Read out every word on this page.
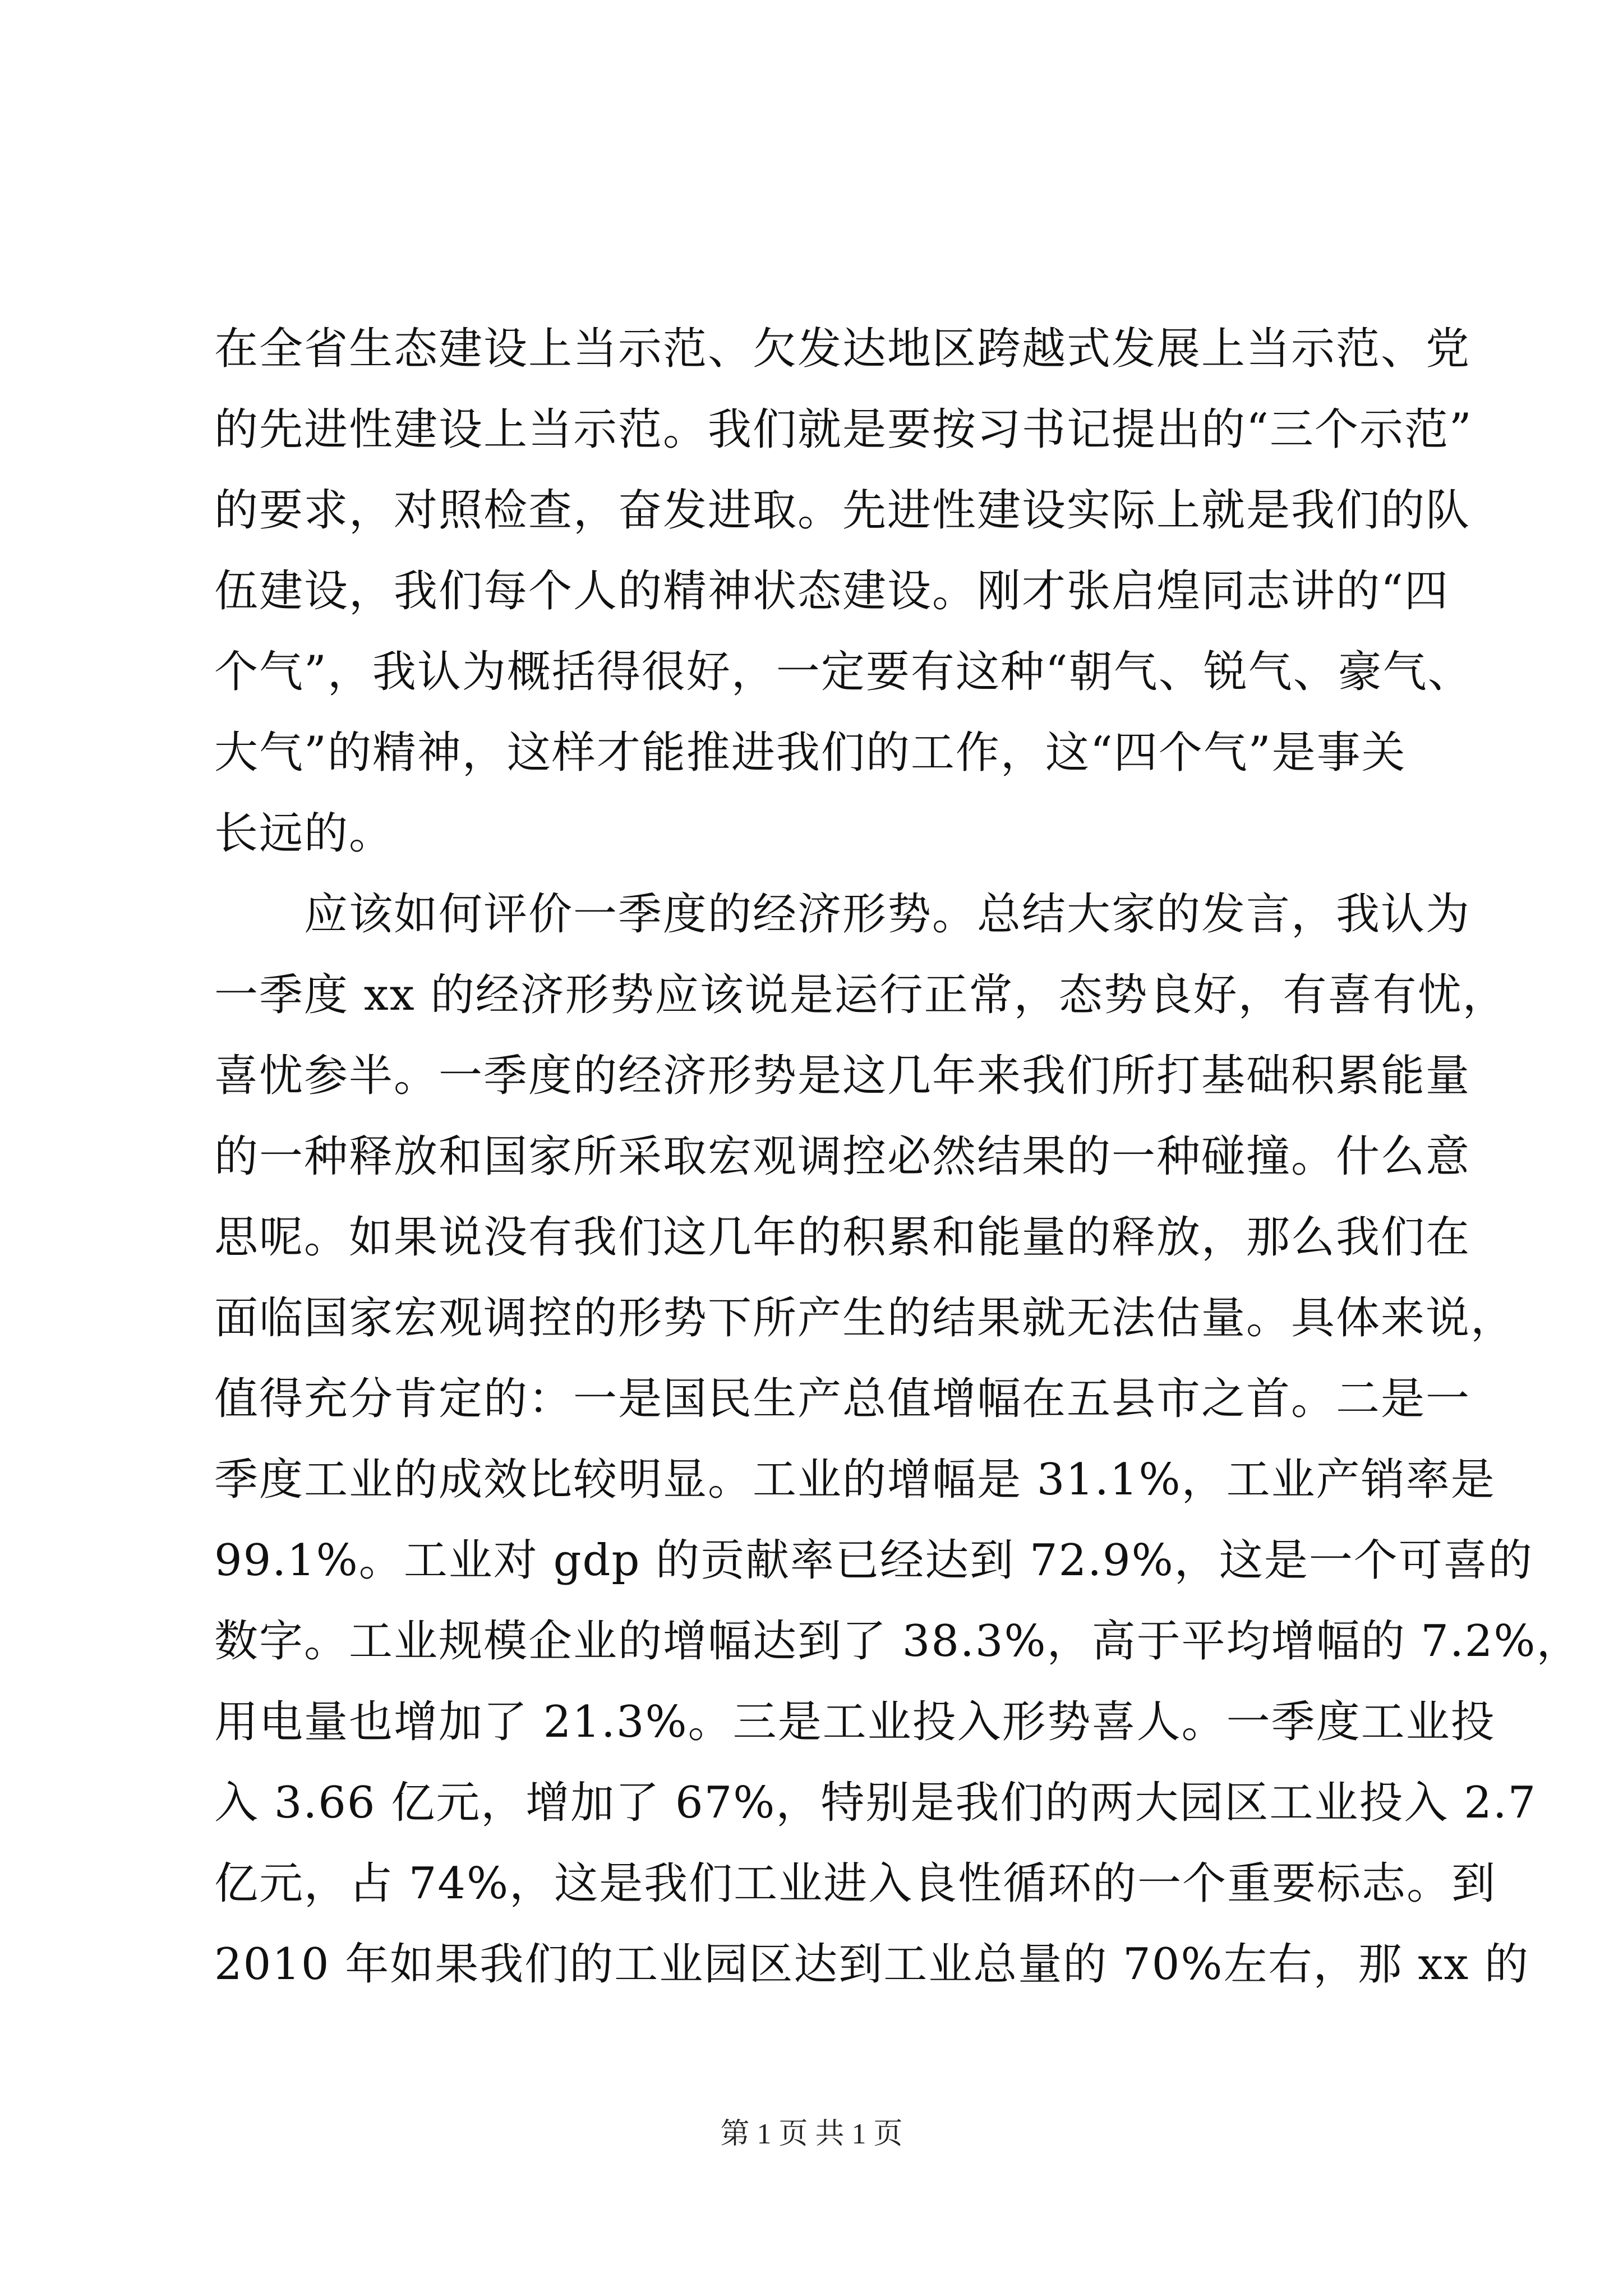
在全省生态建设上当示范、欠发达地区跨越式发展上当示范、党
的先进性建设上当示范。我们就是要按习书记提出的“三个示范”
的要求，对照检查，奋发进取。先进性建设实际上就是我们的队
伍建设，我们每个人的精神状态建设。刚才张启煌同志讲的“四
个气”，我认为概括得很好，一定要有这种“朝气、锐气、豪气、
大气”的精神，这样才能推进我们的工作，这“四个气”是事关
长远的。
应该如何评价一季度的经济形势。总结大家的发言，我认为
一季度 xx 的经济形势应该说是运行正常，态势良好，有喜有忧，
喜忧参半。一季度的经济形势是这几年来我们所打基础积累能量
的一种释放和国家所采取宏观调控必然结果的一种碰撞。什么意
思呢。如果说没有我们这几年的积累和能量的释放，那么我们在
面临国家宏观调控的形势下所产生的结果就无法估量。具体来说，
值得充分肯定的：一是国民生产总值增幅在五县市之首。二是一
季度工业的成效比较明显。工业的增幅是 31.1%，工业产销率是
99.1%。工业对 gdp 的贡献率已经达到 72.9%，这是一个可喜的
数字。工业规模企业的增幅达到了 38.3%，高于平均增幅的 7.2%，
用电量也增加了 21.3%。三是工业投入形势喜人。一季度工业投
入 3.66 亿元，增加了 67%，特别是我们的两大园区工业投入 2.7
亿元，占 74%，这是我们工业进入良性循环的一个重要标志。到
2010 年如果我们的工业园区达到工业总量的 70%左右，那 xx 的
第 1 页 共 1 页
